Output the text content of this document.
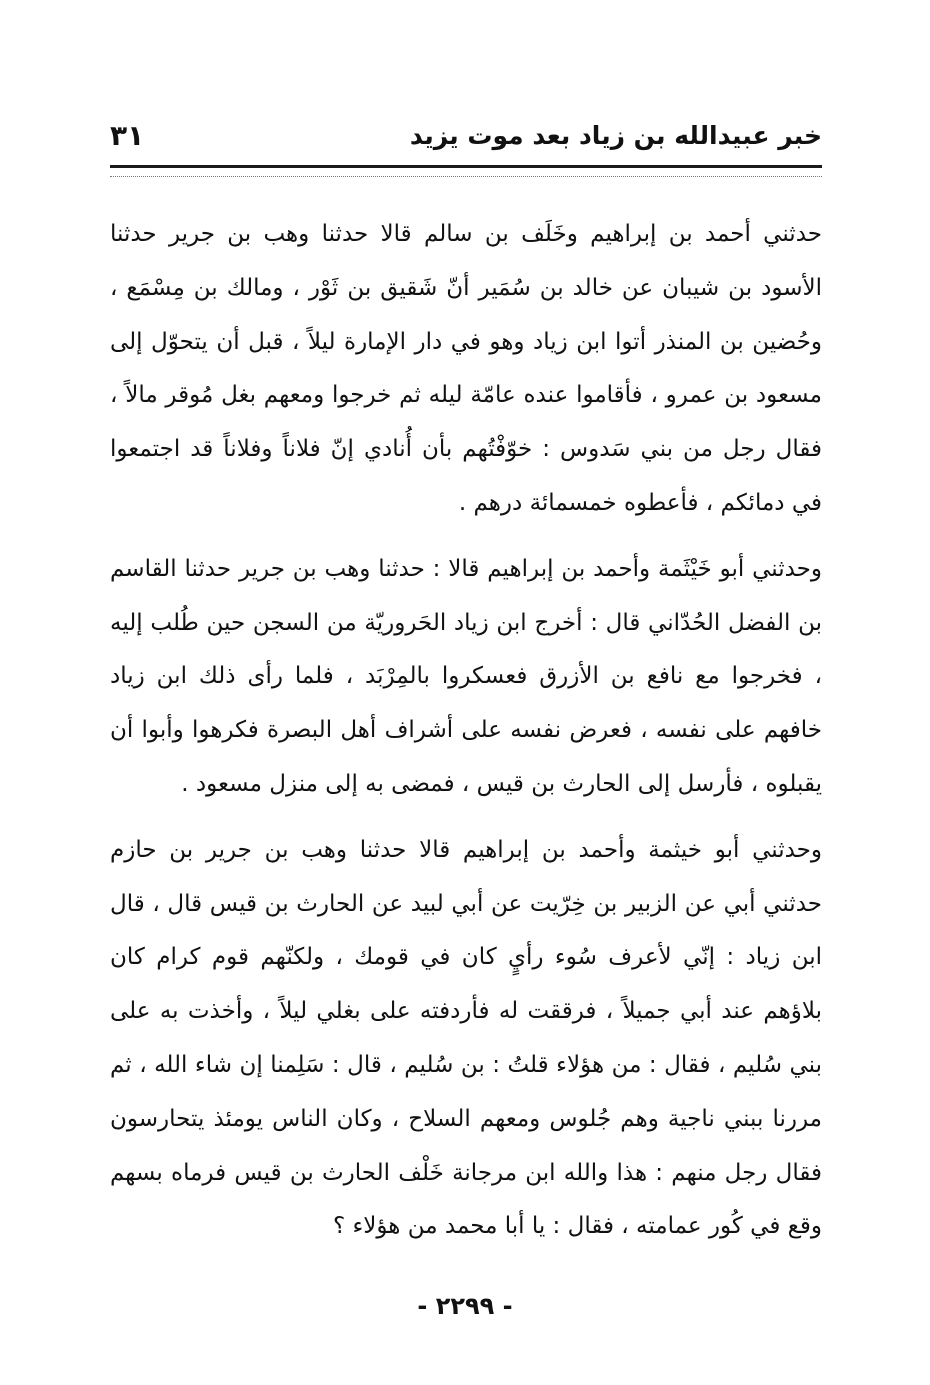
خبر عبيدالله بن زياد بعد موت يزيد
٣١

حدثني أحمد بن إبراهيم وخَلَف بن سالم قالا حدثنا وهب بن جرير حدثنا الأسود بن شيبان عن خالد بن سُمَير أنّ شَقيق بن ثَوْر ، ومالك بن مِسْمَع ، وحُضين بن المنذر أتوا ابن زياد وهو في دار الإمارة ليلاً ، قبل أن يتحوّل إلى مسعود بن عمرو ، فأقاموا عنده عامّة ليله ثم خرجوا ومعهم بغل مُوقر مالاً ، فقال رجل من بني سَدوس : خوّفْتُهم بأن أُنادي إنّ فلاناً وفلاناً قد اجتمعوا في دمائكم ، فأعطوه خمسمائة درهم .

وحدثني أبو خَيْثَمة وأحمد بن إبراهيم قالا : حدثنا وهب بن جرير حدثنا القاسم بن الفضل الحُدّاني قال : أخرج ابن زياد الحَروريّة من السجن حين طُلب إليه ، فخرجوا مع نافع بن الأزرق فعسكروا بالمِرْبَد ، فلما رأى ذلك ابن زياد خافهم على نفسه ، فعرض نفسه على أشراف أهل البصرة فكرهوا وأبوا أن يقبلوه ، فأرسل إلى الحارث بن قيس ، فمضى به إلى منزل مسعود .

وحدثني أبو خيثمة وأحمد بن إبراهيم قالا حدثنا وهب بن جرير بن حازم حدثني أبي عن الزبير بن خِرّيت عن أبي لبيد عن الحارث بن قيس قال ، قال ابن زياد : إنّي لأعرف سُوء رأيٍ كان في قومك ، ولكنّهم قوم كرام كان بلاؤهم عند أبي جميلاً ، فرققت له فأردفته على بغلي ليلاً ، وأخذت به على بني سُليم ، فقال : من هؤلاء قلتُ : بن سُليم ، قال : سَلِمنا إن شاء الله ، ثم مررنا ببني ناجية وهم جُلوس ومعهم السلاح ، وكان الناس يومئذ يتحارسون فقال رجل منهم : هذا والله ابن مرجانة خَلْف الحارث بن قيس فرماه بسهم وقع في كُور عمامته ، فقال : يا أبا محمد من هؤلاء ؟

- ٢٢٩٩ -
